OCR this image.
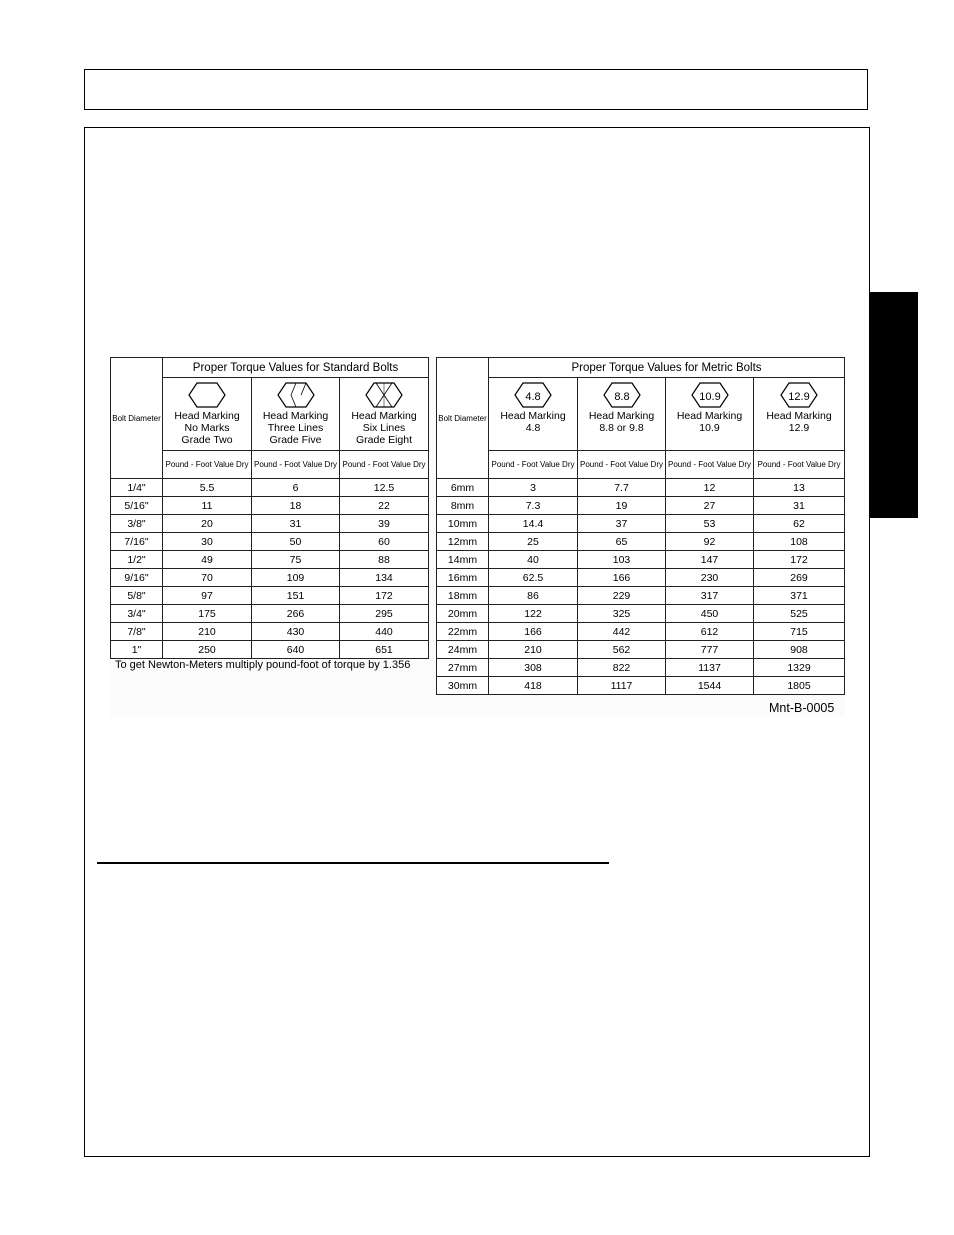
Bolt Diameter	Proper Torque Values for Standard Bolts		

	Head Marking
No Marks
Grade Two	Head Marking
Three Lines
Grade Five	Head Marking
Six Lines
Grade Eight

	Pound - Foot Value Dry	Pound - Foot Value Dry	Pound - Foot Value Dry
1/4"	5.5	6	12.5
5/16"	11	18	22
3/8"	20	31	39
7/16"	30	50	60
1/2"	49	75	88
9/16"	70	109	134
5/8"	97	151	172
3/4"	175	266	295
7/8"	210	430	440
1"	250	640	651
Bolt Diameter	Proper Torque Values for Metric Bolts			

4.8
Head Marking
4.8	8.8
Head Marking
8.8 or 9.8	10.9
Head Marking
10.9	12.9
Head Marking
12.9

	Pound - Foot Value Dry	Pound - Foot Value Dry	Pound - Foot Value Dry	Pound - Foot Value Dry
6mm	3	7.7	12	13
8mm	7.3	19	27	31
10mm	14.4	37	53	62
12mm	25	65	92	108
14mm	40	103	147	172
16mm	62.5	166	230	269
18mm	86	229	317	371
20mm	122	325	450	525
22mm	166	442	612	715
24mm	210	562	777	908
27mm	308	822	1137	1329
30mm	418	1117	1544	1805
To get Newton-Meters multiply pound-foot of torque by 1.356
Mnt-B-0005
